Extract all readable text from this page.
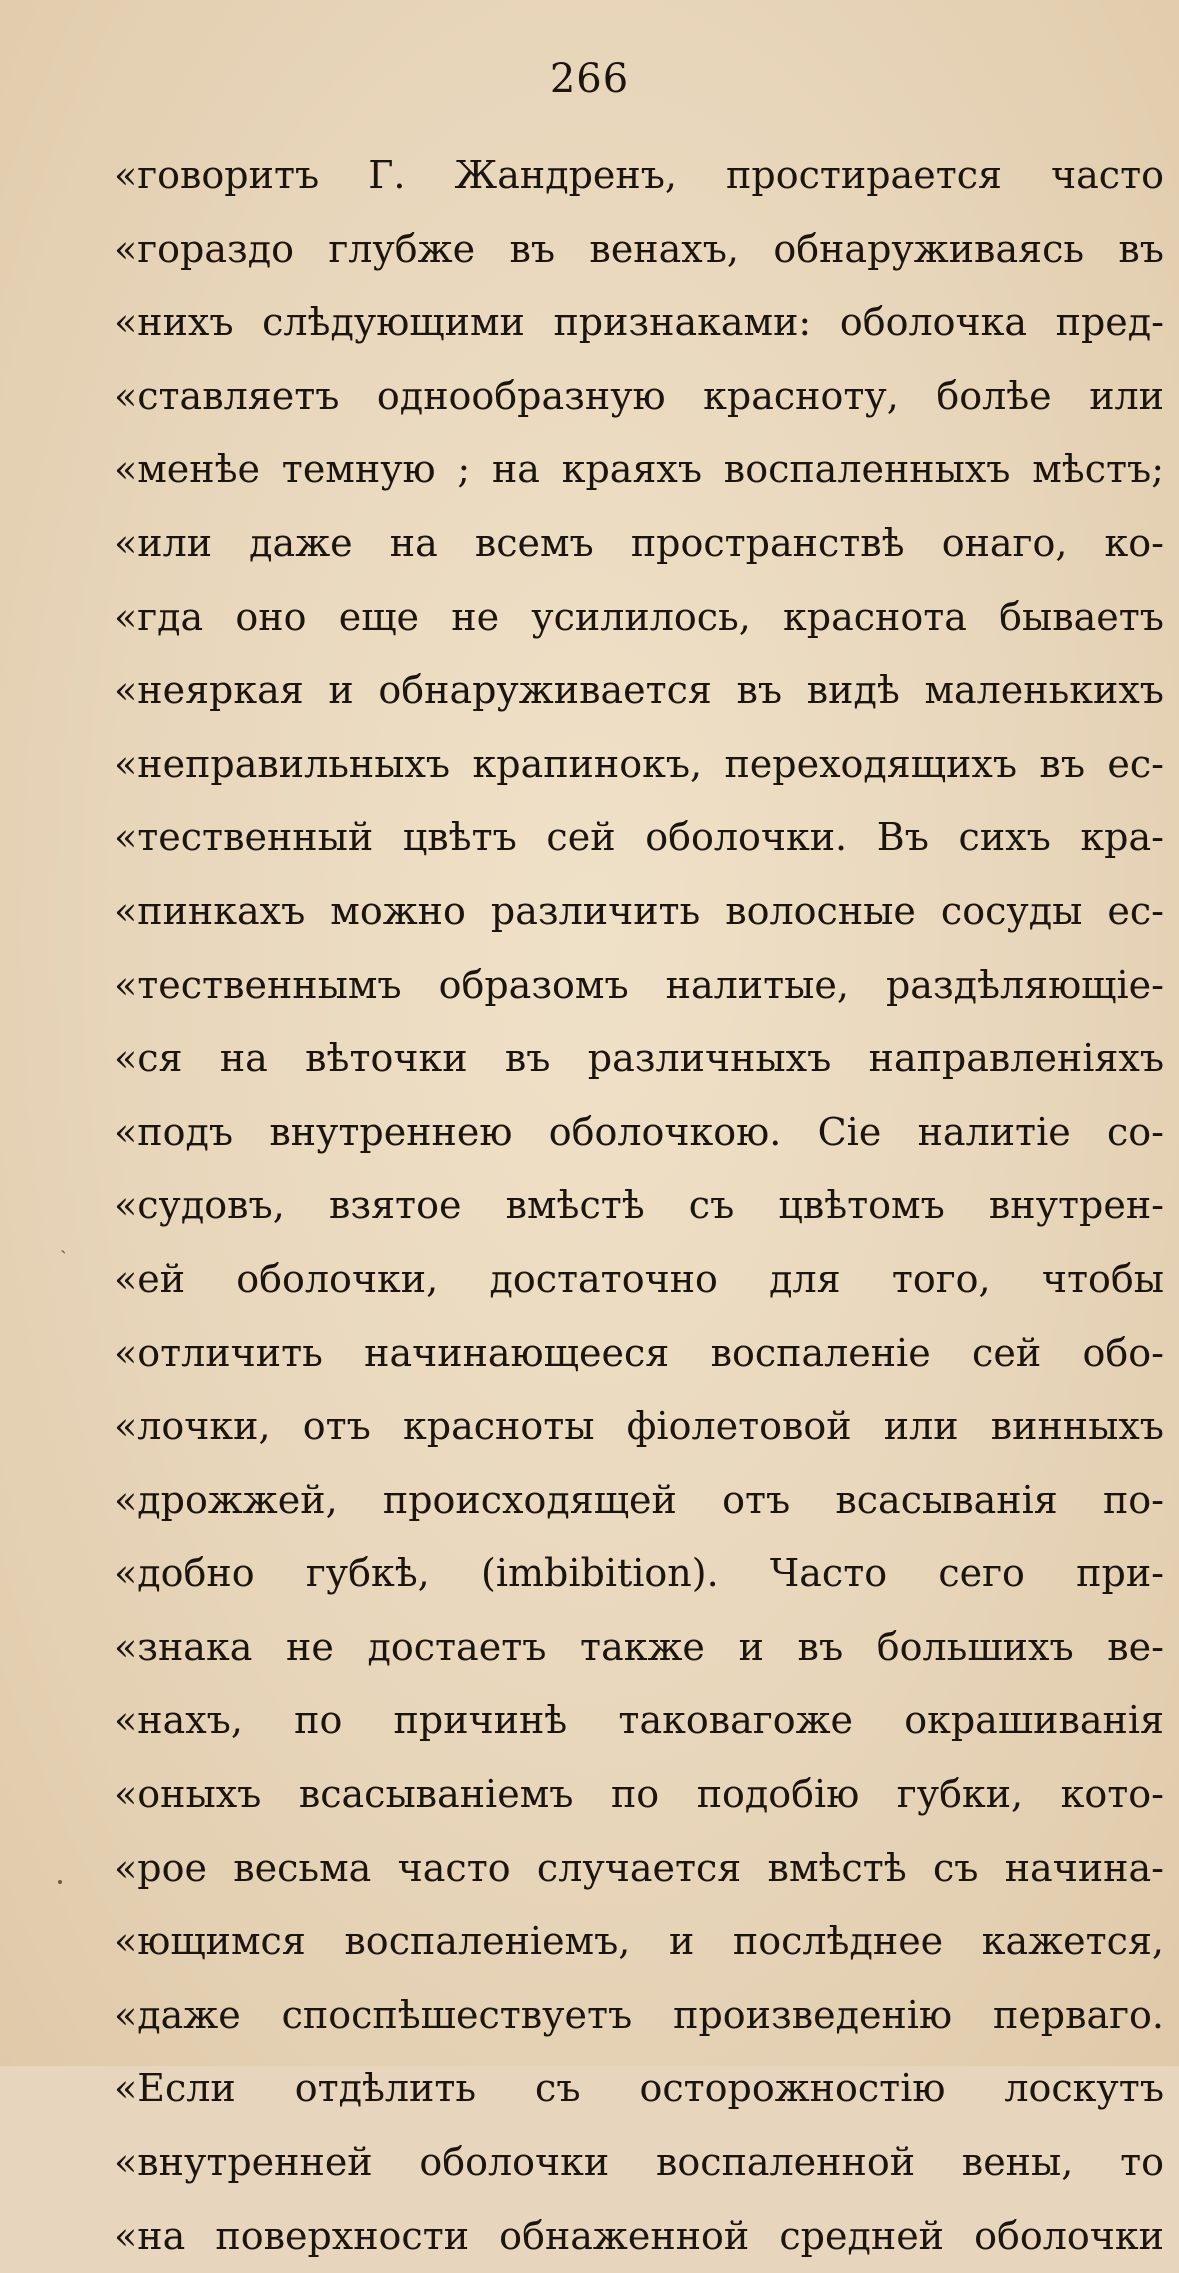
266
«говоритъ Г. Жандренъ, простирается часто
«гораздо глубже въ венахъ, обнаруживаясь въ
«нихъ слѣдующими признаками: оболочка пред-
«ставляетъ однообразную красноту, болѣе или
«менѣе темную ; на краяхъ воспаленныхъ мѣстъ;
«или даже на всемъ пространствѣ онаго, ко-
«гда оно еще не усилилось, краснота бываетъ
«неяркая и обнаруживается въ видѣ маленькихъ
«неправильныхъ крапинокъ, переходящихъ въ ес-
«тественный цвѣтъ сей оболочки. Въ сихъ кра-
«пинкахъ можно различить волосные сосуды ес-
«тественнымъ образомъ налитые, раздѣляющіе-
«ся на вѣточки въ различныхъ направленіяхъ
«подъ внутреннею оболочкою. Сіе налитіе со-
«судовъ, взятое вмѣстѣ съ цвѣтомъ внутрен-
«ей оболочки, достаточно для того, чтобы
«отличить начинающееся воспаленіе сей обо-
«лочки, отъ красноты фіолетовой или винныхъ
«дрожжей, происходящей отъ всасыванія по-
«добно губкѣ, (imbibition). Часто сего при-
«знака не достаетъ также и въ большихъ ве-
«нахъ, по причинѣ таковагоже окрашиванія
«оныхъ всасываніемъ по подобію губки, кото-
«рое весьма часто случается вмѣстѣ съ начина-
«ющимся воспаленіемъ, и послѣднее кажется,
«даже споспѣшествуетъ произведенію перваго.
«Если отдѣлить съ осторожностію лоскутъ
«внутренней оболочки воспаленной вены, то
«на поверхности обнаженной средней оболочки
ˎ
